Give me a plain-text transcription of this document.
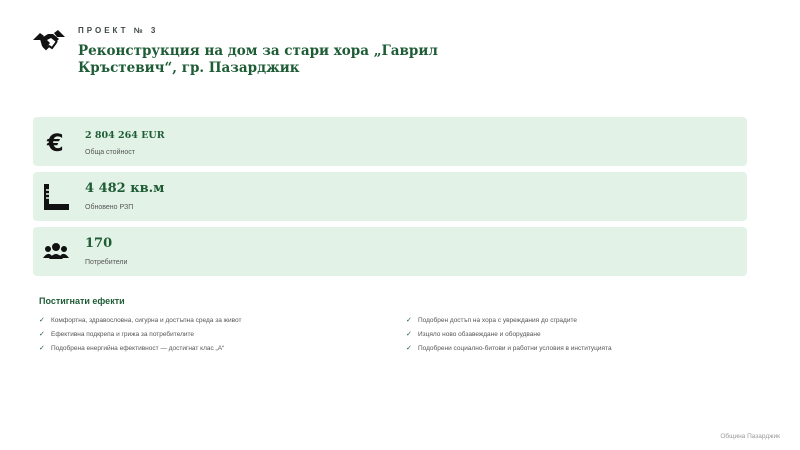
ПРОЕКТ № 3
Реконструкция на дом за стари хора „Гаврил Кръстевич“, гр. Пазарджик
€ 2 804 264 EUR
Обща стойност
4 482 кв.м
Обновено РЗП
170
Потребители
Постигнати ефекти
✓ Комфортна, здравословна, сигурна и достъпна среда за живот
✓ Ефективна подкрепа и грижа за потребителите
✓ Подобрена енергийна ефективност — достигнат клас „А“
✓ Подобрен достъп на хора с увреждания до сградите
✓ Изцяло ново обзавеждане и оборудване
✓ Подобрени социално-битови и работни условия в институцията
Община Пазарджик
